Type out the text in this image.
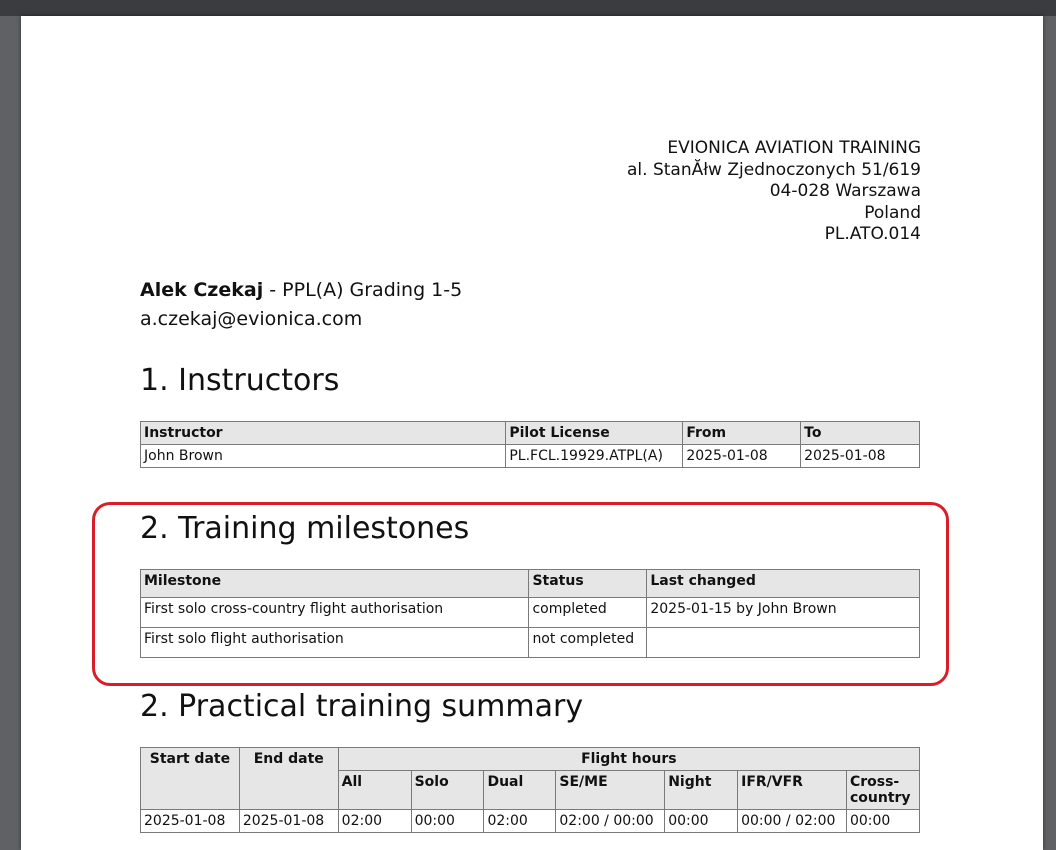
EVIONICA AVIATION TRAINING
al. StanĂłw Zjednoczonych 51/619
04-028 Warszawa
Poland
PL.ATO.014
Alek Czekaj - PPL(A) Grading 1-5
a.czekaj@evionica.com
1. Instructors
Instructor	Pilot License	From	To
John Brown	PL.FCL.19929.ATPL(A)	2025-01-08	2025-01-08
2. Training milestones
Milestone	Status	Last changed
First solo cross-country flight authorisation	completed	2025-01-15 by John Brown
First solo flight authorisation	not completed	
2. Practical training summary
Start date	End date	Flight hours						
		All	Solo	Dual	SE/ME	Night	IFR/VFR	Cross-country
2025-01-08	2025-01-08	02:00	00:00	02:00	02:00 / 00:00	00:00	00:00 / 02:00	00:00
